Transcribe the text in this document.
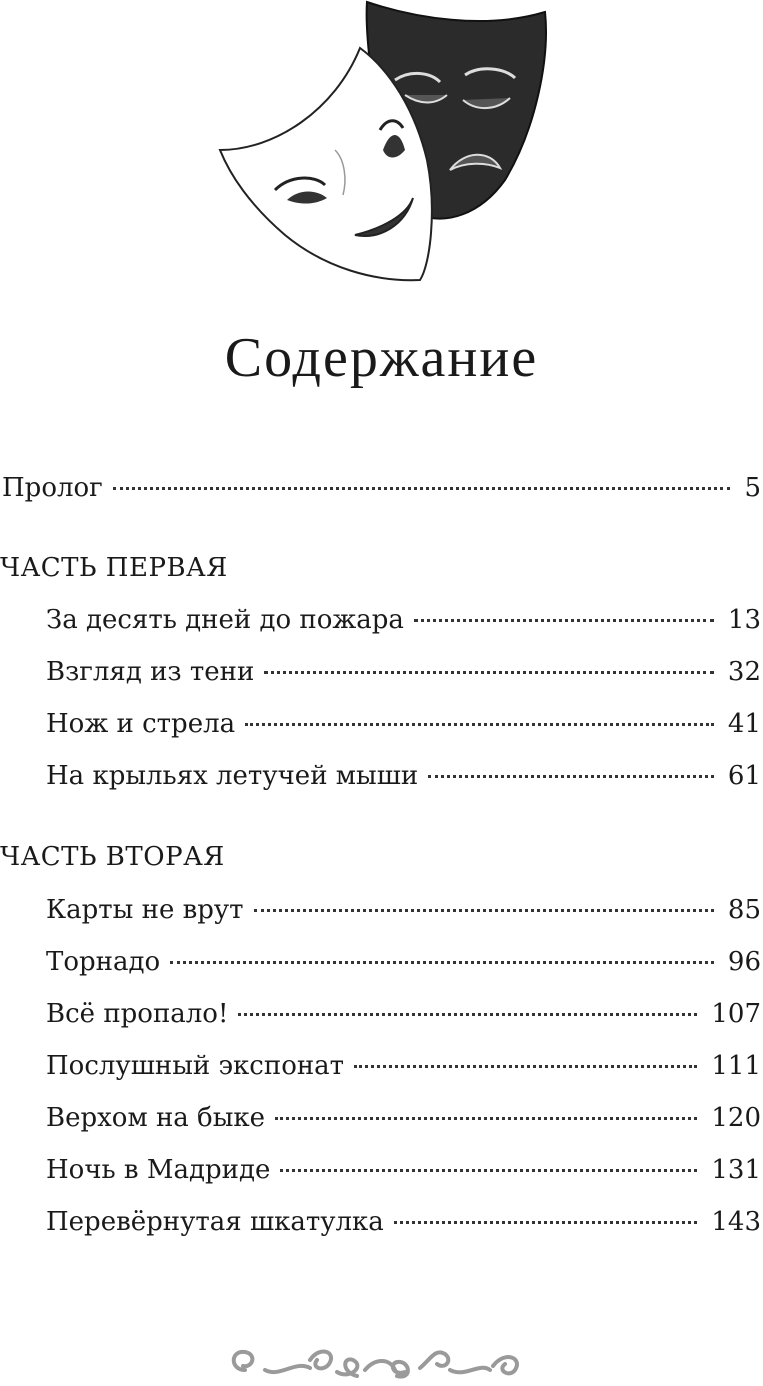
Содержание
Пролог	5
ЧАСТЬ ПЕРВАЯ
За десять дней до пожара	13
Взгляд из тени	32
Нож и стрела	41
На крыльях летучей мыши	61
ЧАСТЬ ВТОРАЯ
Карты не врут	85
Торнадо	96
Всё пропало!	107
Послушный экспонат	111
Верхом на быке	120
Ночь в Мадриде	131
Перевёрнутая шкатулка	143
